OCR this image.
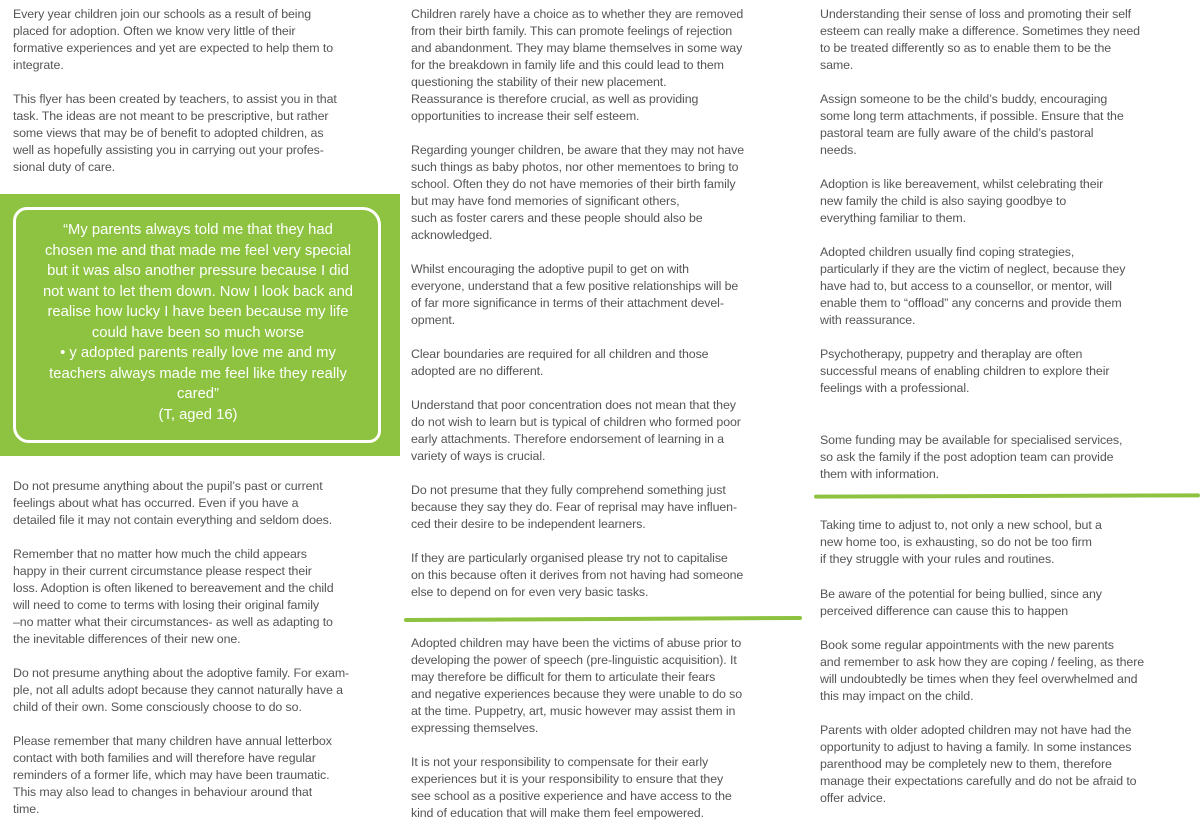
Every year children join our schools as a result of being
placed for adoption. Often we know very little of their
formative experiences and yet are expected to help them to
integrate.

This flyer has been created by teachers, to assist you in that
task. The ideas are not meant to be prescriptive, but rather
some views that may be of benefit to adopted children, as
well as hopefully assisting you in carrying out your profes-
sional duty of care.

“My parents always told me that they had
chosen me and that made me feel very special
but it was also another pressure because I did
not want to let them down. Now I look back and
realise how lucky I have been because my life
could have been so much worse
• y adopted parents really love me and my
teachers always made me feel like they really
cared”
(T, aged 16)

Do not presume anything about the pupil’s past or current
feelings about what has occurred. Even if you have a
detailed file it may not contain everything and seldom does.

Remember that no matter how much the child appears
happy in their current circumstance please respect their
loss. Adoption is often likened to bereavement and the child
will need to come to terms with losing their original family
–no matter what their circumstances- as well as adapting to
the inevitable differences of their new one.

Do not presume anything about the adoptive family. For exam-
ple, not all adults adopt because they cannot naturally have a
child of their own. Some consciously choose to do so.

Please remember that many children have annual letterbox
contact with both families and will therefore have regular
reminders of a former life, which may have been traumatic.
This may also lead to changes in behaviour around that
time.

Children rarely have a choice as to whether they are removed
from their birth family. This can promote feelings of rejection
and abandonment. They may blame themselves in some way
for the breakdown in family life and this could lead to them
questioning the stability of their new placement.
Reassurance is therefore crucial, as well as providing
opportunities to increase their self esteem.

Regarding younger children, be aware that they may not have
such things as baby photos, nor other mementoes to bring to
school. Often they do not have memories of their birth family
but may have fond memories of significant others,
such as foster carers and these people should also be
acknowledged.

Whilst encouraging the adoptive pupil to get on with
everyone, understand that a few positive relationships will be
of far more significance in terms of their attachment devel-
opment.

Clear boundaries are required for all children and those
adopted are no different.

Understand that poor concentration does not mean that they
do not wish to learn but is typical of children who formed poor
early attachments. Therefore endorsement of learning in a
variety of ways is crucial.

Do not presume that they fully comprehend something just
because they say they do. Fear of reprisal may have influen-
ced their desire to be independent learners.

If they are particularly organised please try not to capitalise
on this because often it derives from not having had someone
else to depend on for even very basic tasks.

Adopted children may have been the victims of abuse prior to
developing the power of speech (pre-linguistic acquisition). It
may therefore be difficult for them to articulate their fears
and negative experiences because they were unable to do so
at the time. Puppetry, art, music however may assist them in
expressing themselves.

It is not your responsibility to compensate for their early
experiences but it is your responsibility to ensure that they
see school as a positive experience and have access to the
kind of education that will make them feel empowered.

Understanding their sense of loss and promoting their self
esteem can really make a difference. Sometimes they need
to be treated differently so as to enable them to be the
same.

Assign someone to be the child’s buddy, encouraging
some long term attachments, if possible. Ensure that the
pastoral team are fully aware of the child’s pastoral
needs.

Adoption is like bereavement, whilst celebrating their
new family the child is also saying goodbye to
everything familiar to them.

Adopted children usually find coping strategies,
particularly if they are the victim of neglect, because they
have had to, but access to a counsellor, or mentor, will
enable them to “offload” any concerns and provide them
with reassurance.

Psychotherapy, puppetry and theraplay are often
successful means of enabling children to explore their
feelings with a professional.

Some funding may be available for specialised services,
so ask the family if the post adoption team can provide
them with information.

Taking time to adjust to, not only a new school, but a
new home too, is exhausting, so do not be too firm
if they struggle with your rules and routines.

Be aware of the potential for being bullied, since any
perceived difference can cause this to happen

Book some regular appointments with the new parents
and remember to ask how they are coping / feeling, as there
will undoubtedly be times when they feel overwhelmed and
this may impact on the child.

Parents with older adopted children may not have had the
opportunity to adjust to having a family. In some instances
parenthood may be completely new to them, therefore
manage their expectations carefully and do not be afraid to
offer advice.
